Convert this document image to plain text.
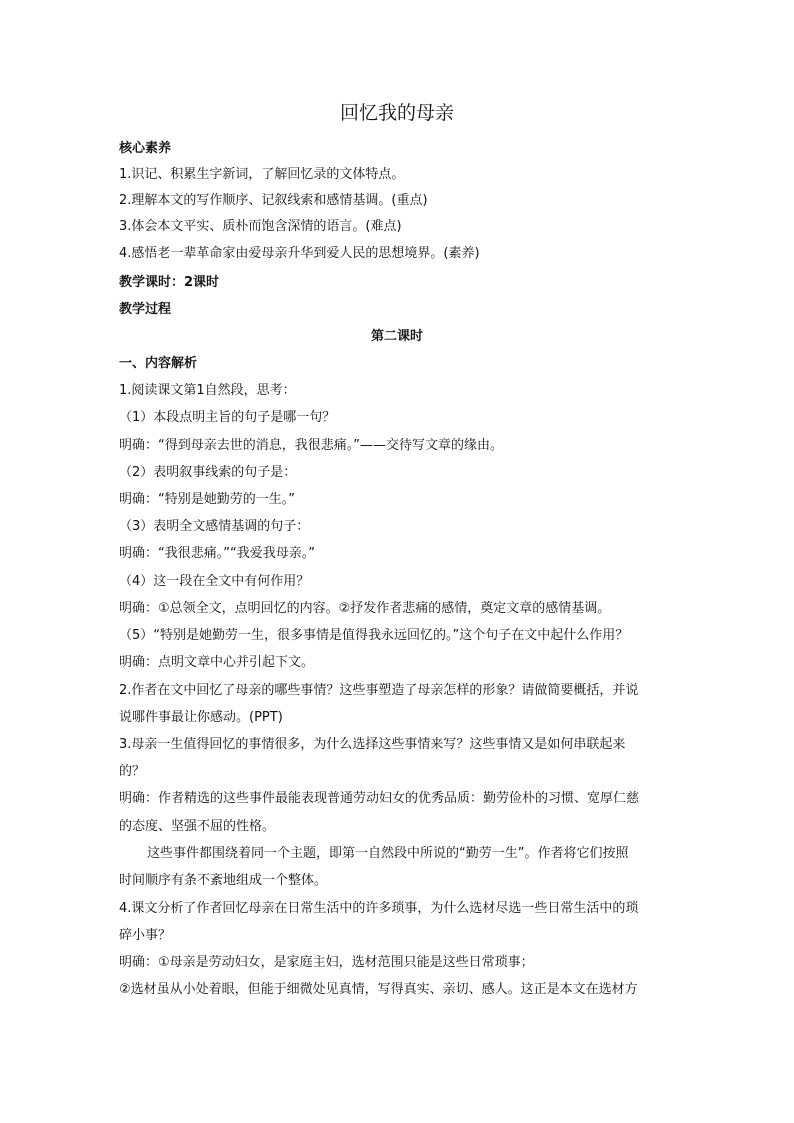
回忆我的母亲
核心素养
1.识记、积累生字新词，了解回忆录的文体特点。
2.理解本文的写作顺序、记叙线索和感情基调。(重点)
3.体会本文平实、质朴而饱含深情的语言。(难点)
4.感悟老一辈革命家由爱母亲升华到爱人民的思想境界。(素养)
教学课时：2课时
教学过程
第二课时
一、内容解析
1.阅读课文第1自然段，思考：
（1）本段点明主旨的句子是哪一句？
明确：“得到母亲去世的消息，我很悲痛。”——交待写文章的缘由。
（2）表明叙事线索的句子是：
明确：“特别是她勤劳的一生。”
（3）表明全文感情基调的句子：
明确：“我很悲痛。”“我爱我母亲。”
（4）这一段在全文中有何作用？
明确：①总领全文，点明回忆的内容。②抒发作者悲痛的感情，奠定文章的感情基调。
（5）“特别是她勤劳一生，很多事情是值得我永远回忆的。”这个句子在文中起什么作用？
明确：点明文章中心并引起下文。
2.作者在文中回忆了母亲的哪些事情？这些事塑造了母亲怎样的形象？请做简要概括，并说
说哪件事最让你感动。(PPT)
3.母亲一生值得回忆的事情很多，为什么选择这些事情来写？这些事情又是如何串联起来
的？
明确：作者精选的这些事件最能表现普通劳动妇女的优秀品质：勤劳俭朴的习惯、宽厚仁慈
的态度、坚强不屈的性格。
这些事件都围绕着同一个主题，即第一自然段中所说的“勤劳一生”。作者将它们按照
时间顺序有条不紊地组成一个整体。
4.课文分析了作者回忆母亲在日常生活中的许多琐事，为什么选材尽选一些日常生活中的琐
碎小事？
明确：①母亲是劳动妇女，是家庭主妇，选材范围只能是这些日常琐事；
②选材虽从小处着眼，但能于细微处见真情，写得真实、亲切、感人。这正是本文在选材方
